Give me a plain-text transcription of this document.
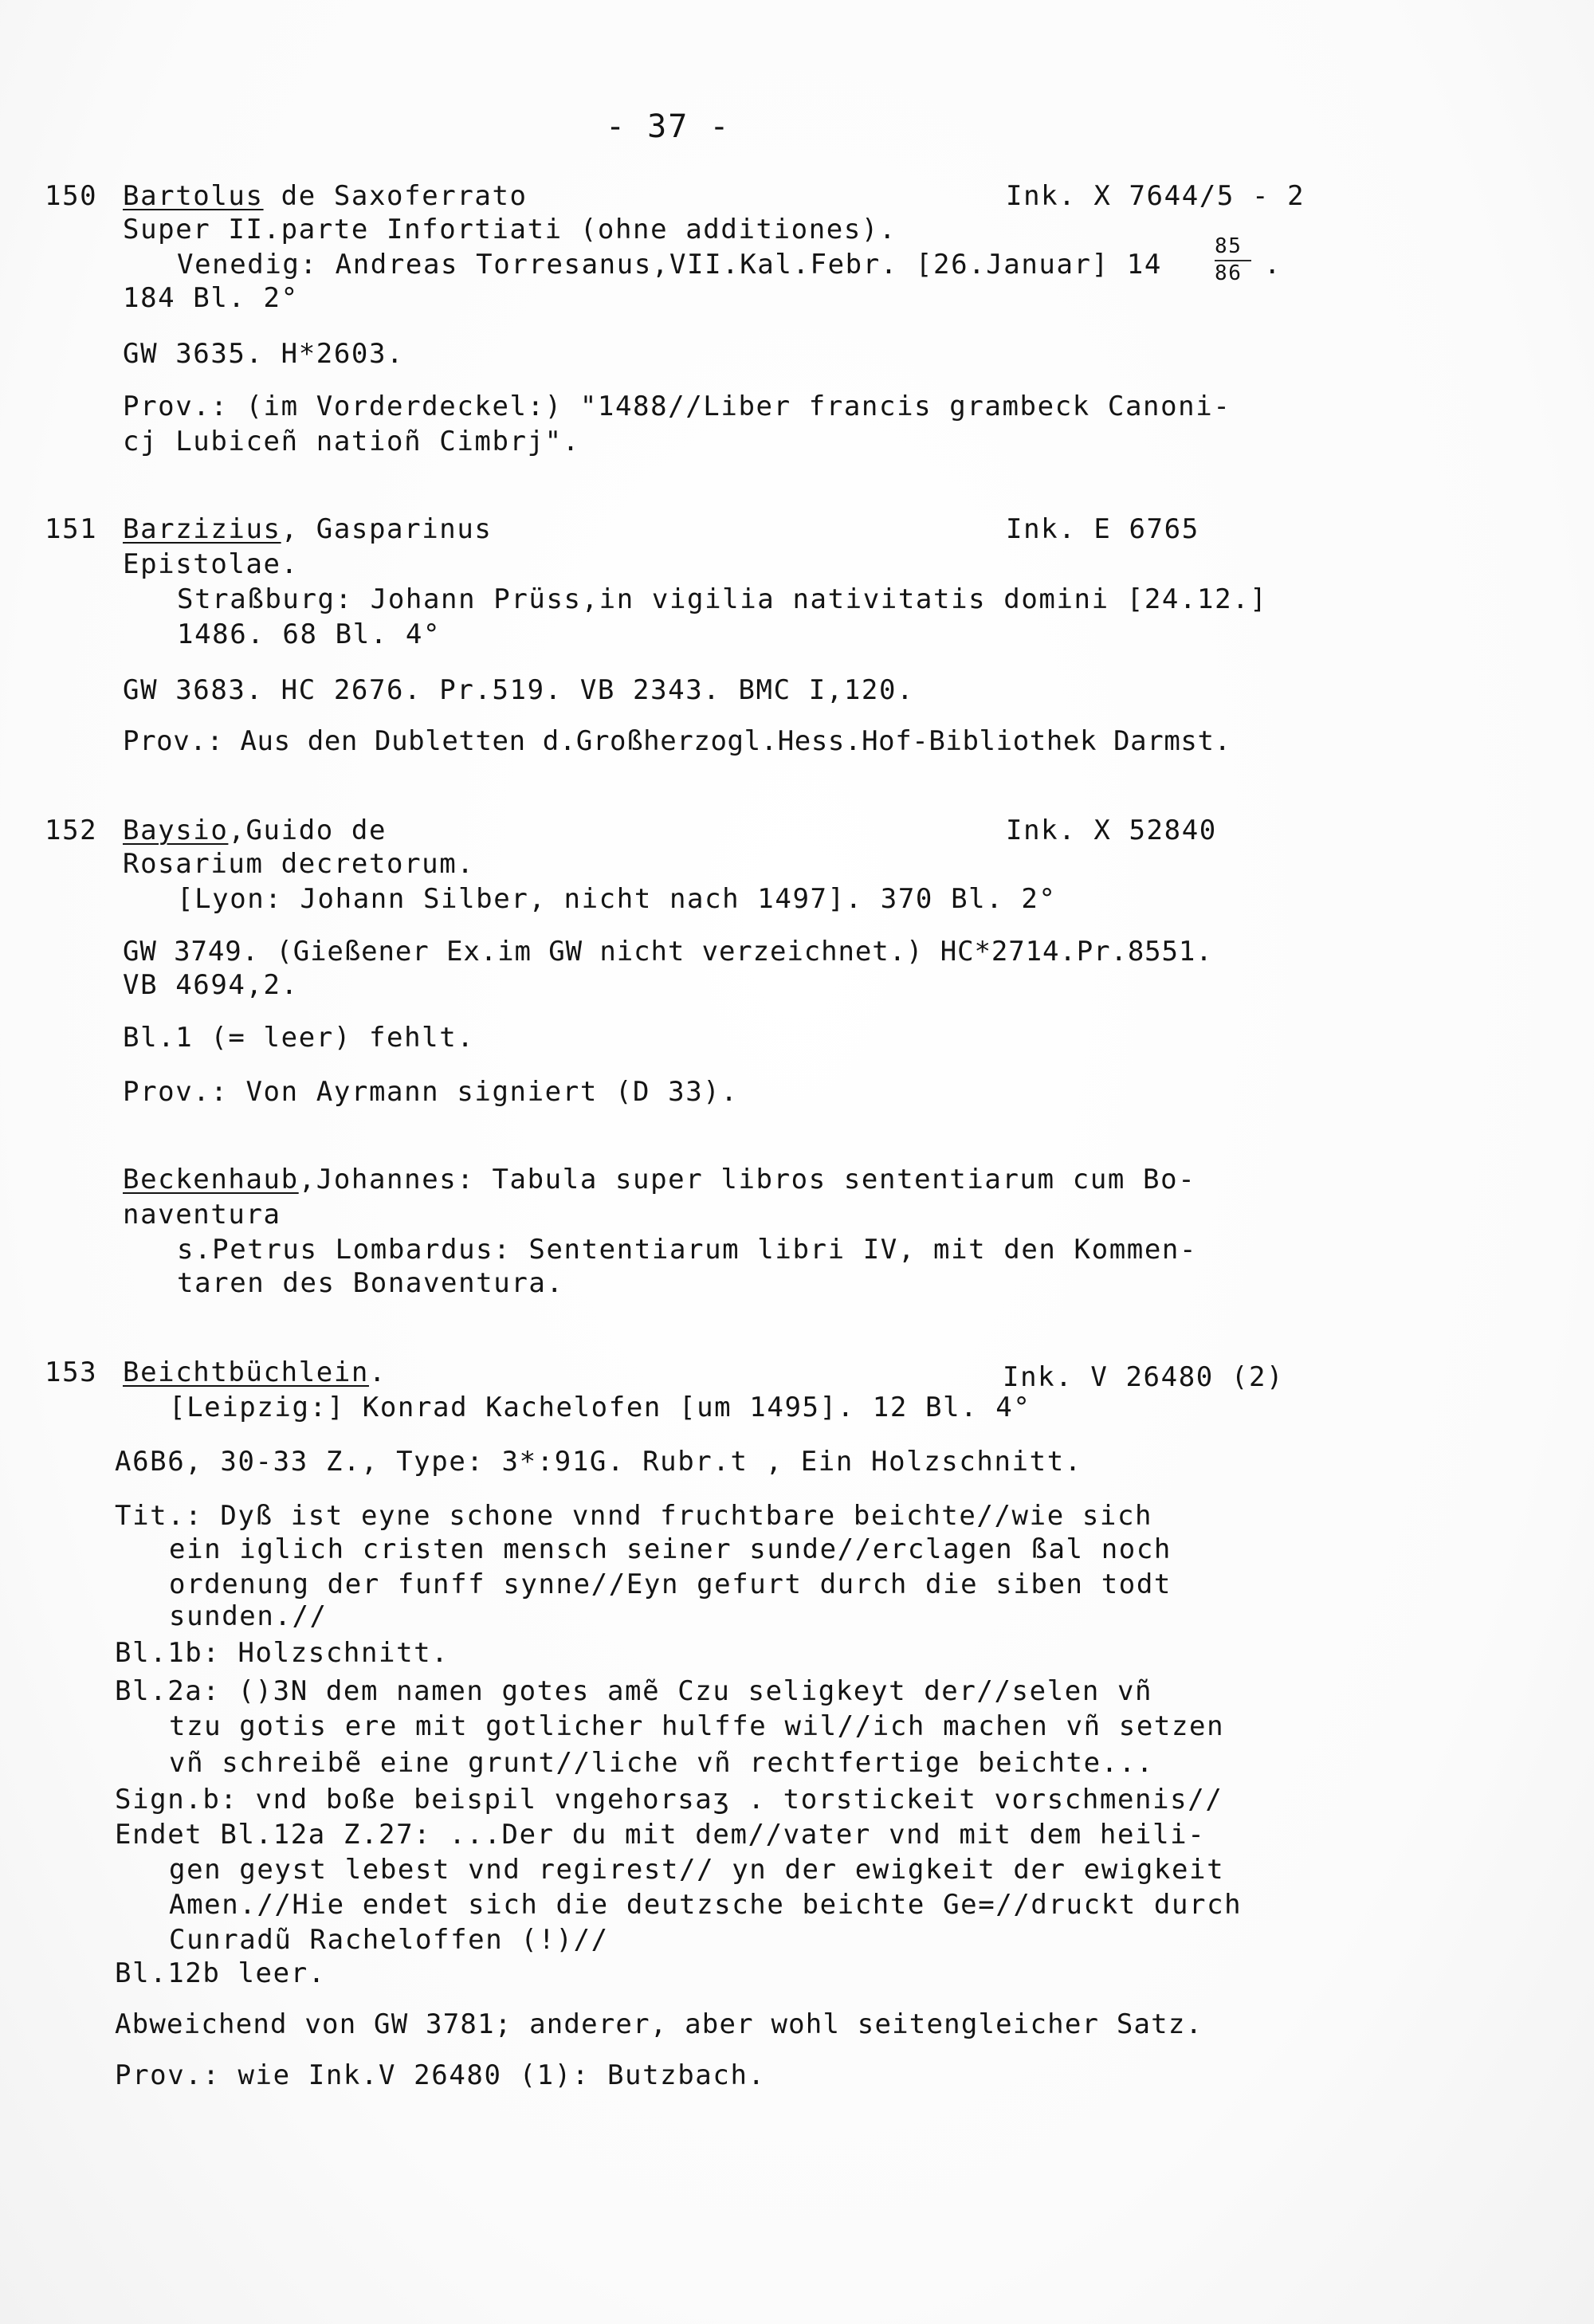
- 37 -
150 Bartolus de Saxoferrato	Ink. X 7644/5 - 2
Super II.parte Infortiati (ohne additiones).
Venedig: Andreas Torresanus,VII.Kal.Febr. [26.Januar] 14
85
86 .
184 Bl. 2°
GW 3635. H*2603.
Prov.: (im Vorderdeckel:) "1488//Liber francis grambeck Canoni-
cj Lubiceñ natioñ Cimbrj".
151 Barzizius, Gasparinus	Ink. E 6765
Epistolae.
Straßburg: Johann Prüss,in vigilia nativitatis domini [24.12.]
1486. 68 Bl. 4°
GW 3683. HC 2676. Pr.519. VB 2343. BMC I,120.
Prov.: Aus den Dubletten d.Großherzogl.Hess.Hof-Bibliothek Darmst.
152 Baysio,Guido de	Ink. X 52840
Rosarium decretorum.
[Lyon: Johann Silber, nicht nach 1497]. 370 Bl. 2°
GW 3749. (Gießener Ex.im GW nicht verzeichnet.) HC*2714.Pr.8551.
VB 4694,2.
Bl.1 (= leer) fehlt.
Prov.: Von Ayrmann signiert (D 33).
Beckenhaub,Johannes: Tabula super libros sententiarum cum Bo-
naventura
s.Petrus Lombardus: Sententiarum libri IV, mit den Kommen-
taren des Bonaventura.
153 Beichtbüchlein.	Ink. V 26480 (2)
[Leipzig:] Konrad Kachelofen [um 1495]. 12 Bl. 4°
A6B6, 30-33 Z., Type: 3*:91G. Rubr.t , Ein Holzschnitt.
Tit.: Dyß ist eyne schone vnnd fruchtbare beichte//wie sich
ein iglich cristen mensch seiner sunde//erclagen ßal noch
ordenung der funff synne//Eyn gefurt durch die siben todt
sunden.//
Bl.1b: Holzschnitt.
Bl.2a: ()3N dem namen gotes amẽ Czu seligkeyt der//selen vñ
tzu gotis ere mit gotlicher hulffe wil//ich machen vñ setzen
vñ schreibẽ eine grunt//liche vñ rechtfertige beichte...
Sign.b: vnd boße beispil vngehorsaʒ . torstickeit vorschmenis//
Endet Bl.12a Z.27: ...Der du mit dem//vater vnd mit dem heili-
gen geyst lebest vnd regirest// yn der ewigkeit der ewigkeit
Amen.//Hie endet sich die deutzsche beichte Ge=//druckt durch
Cunradũ Racheloffen (!)//
Bl.12b leer.
Abweichend von GW 3781; anderer, aber wohl seitengleicher Satz.
Prov.: wie Ink.V 26480 (1): Butzbach.
